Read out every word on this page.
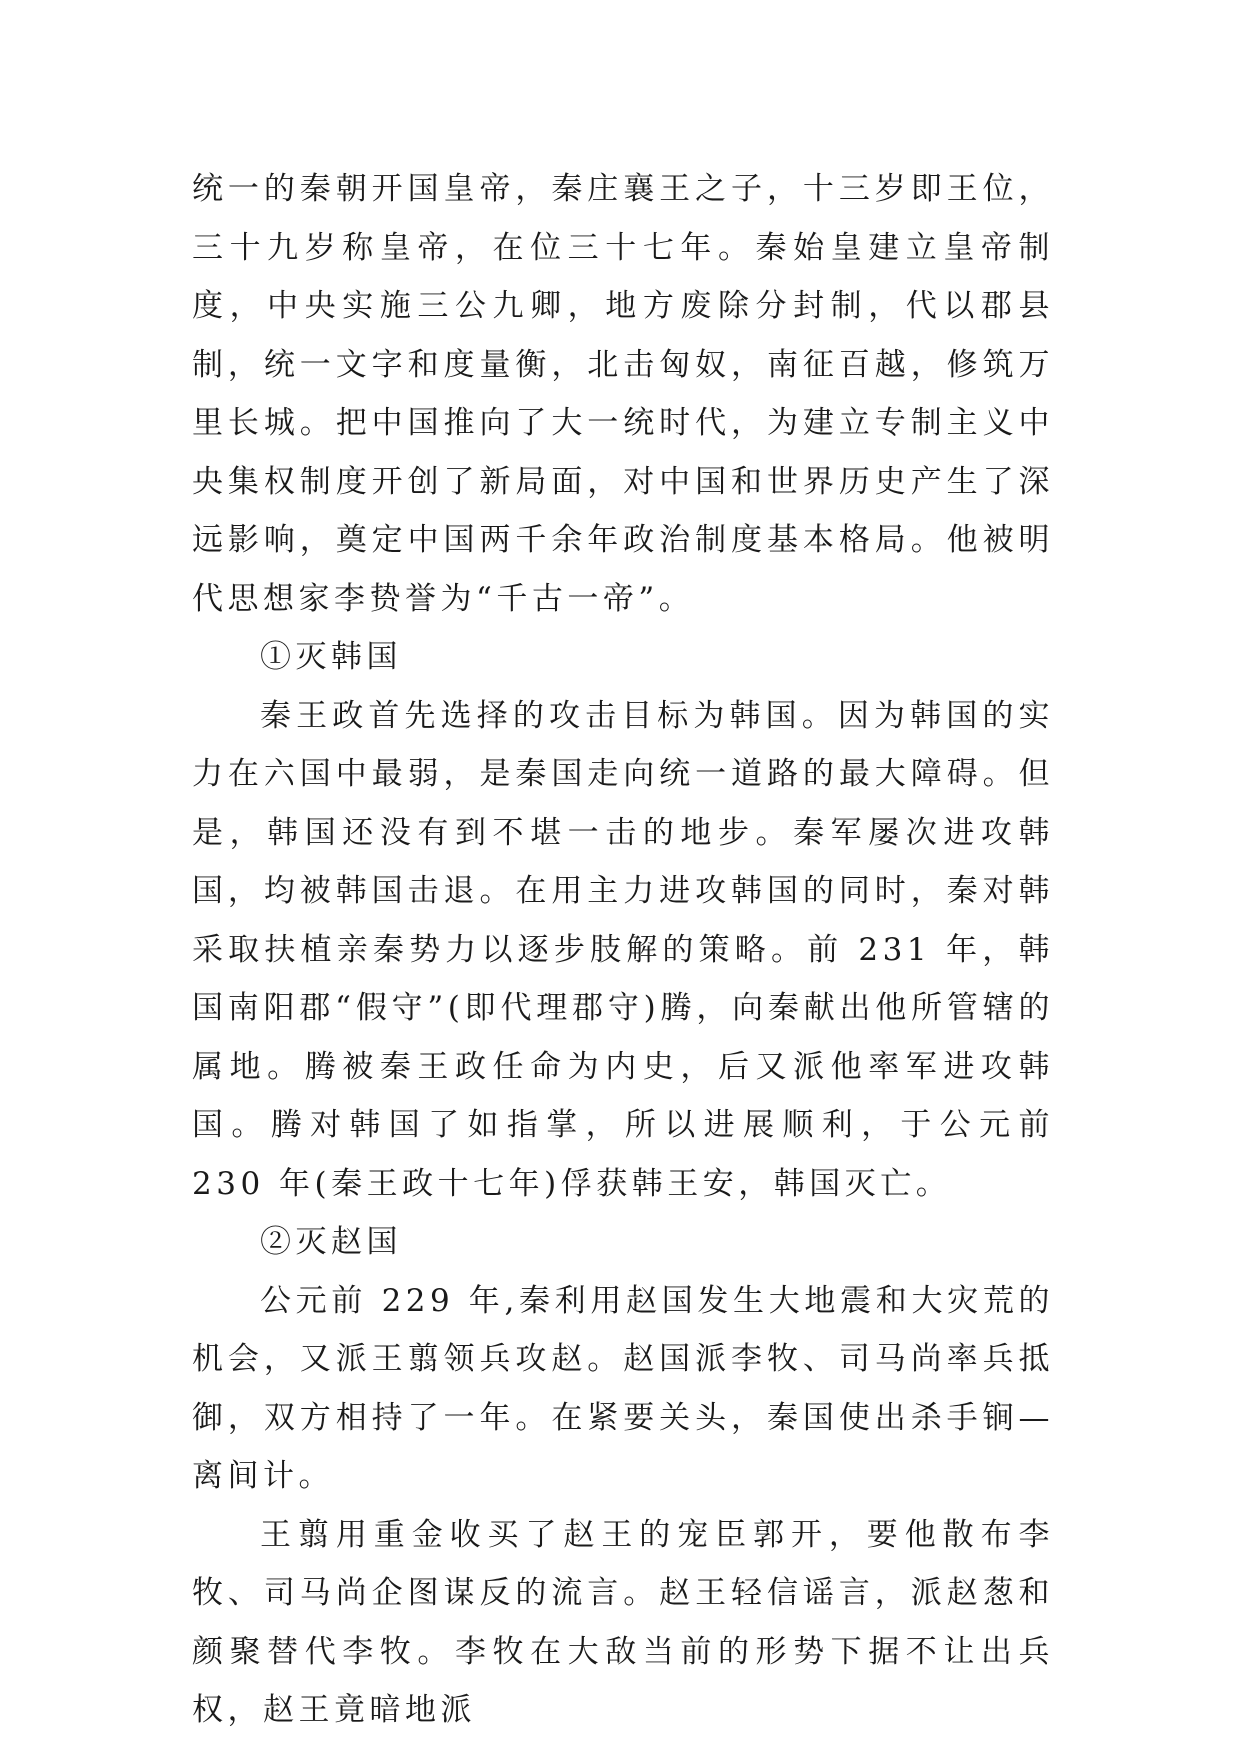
统一的秦朝开国皇帝，秦庄襄王之子，十三岁即王位，三十九岁称皇帝，在位三十七年。秦始皇建立皇帝制度，中央实施三公九卿，地方废除分封制，代以郡县制，统一文字和度量衡，北击匈奴，南征百越，修筑万里长城。把中国推向了大一统时代，为建立专制主义中央集权制度开创了新局面，对中国和世界历史产生了深远影响，奠定中国两千余年政治制度基本格局。他被明代思想家李贽誉为“千古一帝”。

①灭韩国

秦王政首先选择的攻击目标为韩国。因为韩国的实力在六国中最弱，是秦国走向统一道路的最大障碍。但是，韩国还没有到不堪一击的地步。秦军屡次进攻韩国，均被韩国击退。在用主力进攻韩国的同时，秦对韩采取扶植亲秦势力以逐步肢解的策略。前 231 年，韩国南阳郡“假守”(即代理郡守)腾，向秦献出他所管辖的属地。腾被秦王政任命为内史，后又派他率军进攻韩国。腾对韩国了如指掌，所以进展顺利，于公元前 230 年(秦王政十七年)俘获韩王安，韩国灭亡。

②灭赵国

公元前 229 年,秦利用赵国发生大地震和大灾荒的机会，又派王翦领兵攻赵。赵国派李牧、司马尚率兵抵御，双方相持了一年。在紧要关头，秦国使出杀手锏—离间计。

王翦用重金收买了赵王的宠臣郭开，要他散布李牧、司马尚企图谋反的流言。赵王轻信谣言，派赵葱和颜聚替代李牧。李牧在大敌当前的形势下据不让出兵权，赵王竟暗地派
